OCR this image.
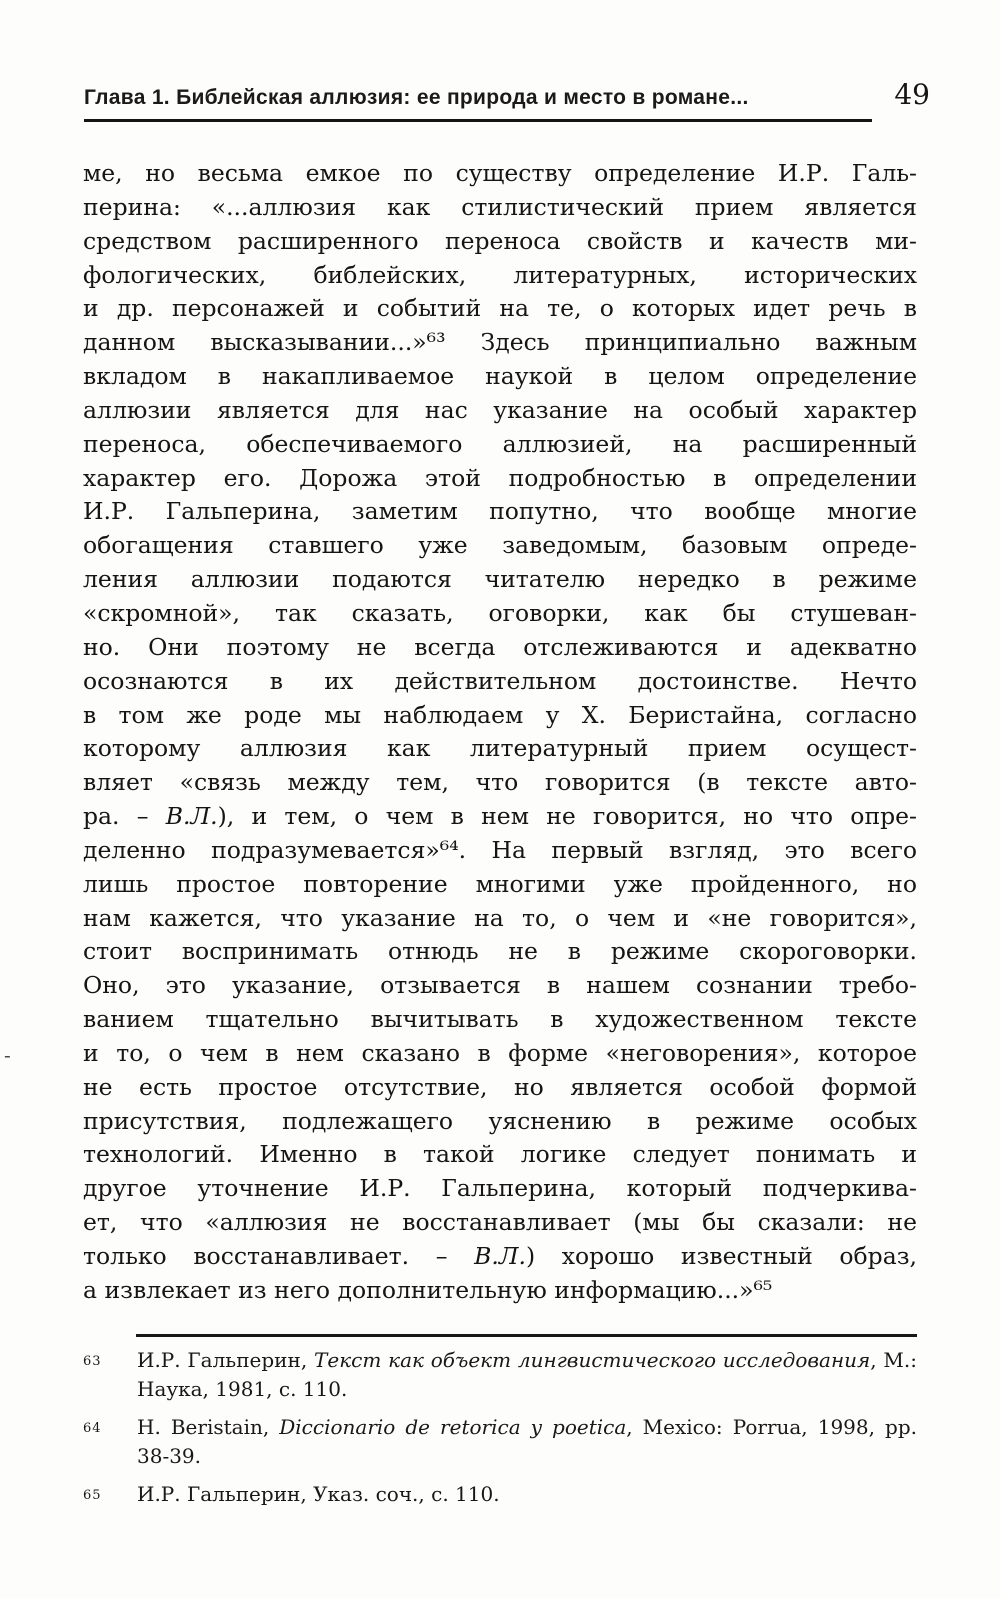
Глава 1. Библейская аллюзия: ее природа и место в романе...	49
ме, но весьма емкое по существу определение И.Р. Галь-
перина: «...аллюзия как стилистический прием является
средством расширенного переноса свойств и качеств ми-
фологических, библейских, литературных, исторических
и др. персонажей и событий на те, о которых идет речь в
данном высказывании...»⁶³ Здесь принципиально важным
вкладом в накапливаемое наукой в целом определение
аллюзии является для нас указание на особый характер
переноса, обеспечиваемого аллюзией, на расширенный
характер его. Дорожа этой подробностью в определении
И.Р. Гальперина, заметим попутно, что вообще многие
обогащения ставшего уже заведомым, базовым опреде-
ления аллюзии подаются читателю нередко в режиме
«скромной», так сказать, оговорки, как бы стушеван-
но. Они поэтому не всегда отслеживаются и адекватно
осознаются в их действительном достоинстве. Нечто
в том же роде мы наблюдаем у Х. Беристайна, согласно
которому аллюзия как литературный прием осущест-
вляет «связь между тем, что говорится (в тексте авто-
ра. – В.Л.), и тем, о чем в нем не говорится, но что опре-
деленно подразумевается»⁶⁴. На первый взгляд, это всего
лишь простое повторение многими уже пройденного, но
нам кажется, что указание на то, о чем и «не говорится»,
стоит воспринимать отнюдь не в режиме скороговорки.
Оно, это указание, отзывается в нашем сознании требо-
ванием тщательно вычитывать в художественном тексте
и то, о чем в нем сказано в форме «неговорения», которое
не есть простое отсутствие, но является особой формой
присутствия, подлежащего уяснению в режиме особых
технологий. Именно в такой логике следует понимать и
другое уточнение И.Р. Гальперина, который подчеркива-
ет, что «аллюзия не восстанавливает (мы бы сказали: не
только восстанавливает. – В.Л.) хорошо известный образ,
а извлекает из него дополнительную информацию...»⁶⁵
-
63 И.Р. Гальперин, Текст как объект лингвистического исследования, М.: Наука, 1981, с. 110.
64 H. Beristain, Diccionario de retorica y poetica, Mexico: Porrua, 1998, pp. 38-39.
65 И.Р. Гальперин, Указ. соч., с. 110.
